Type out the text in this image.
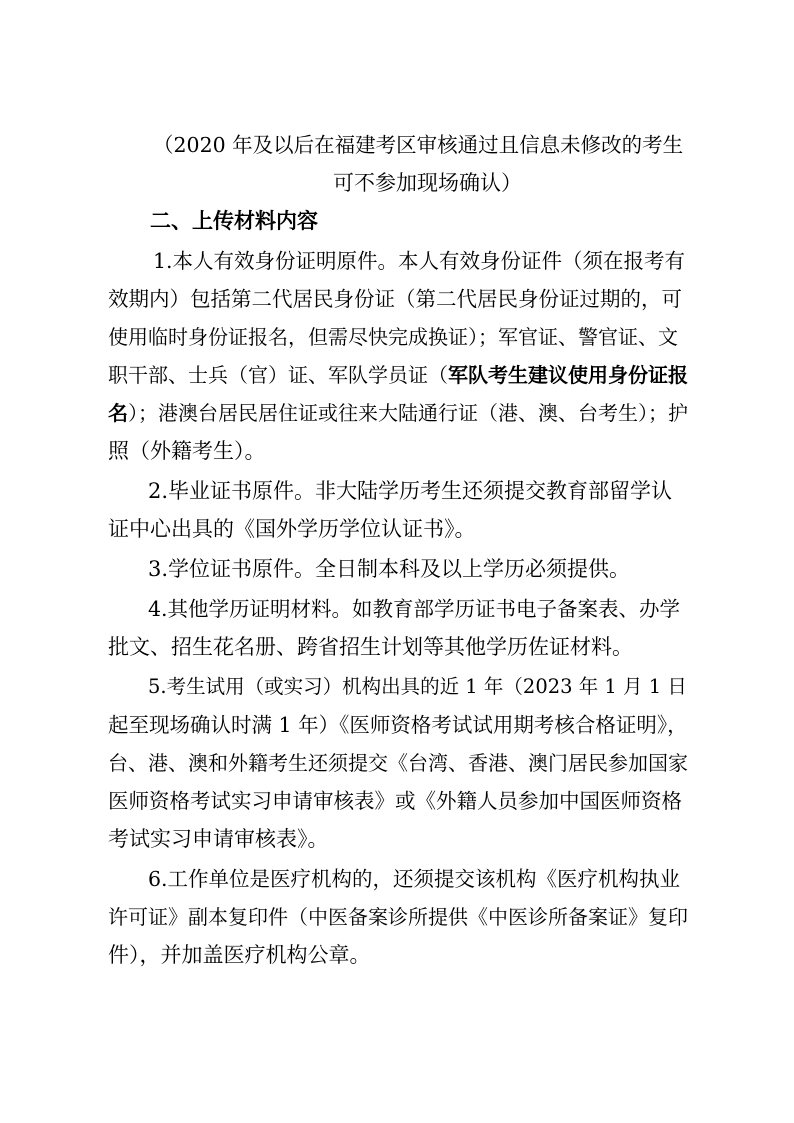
（2020 年及以后在福建考区审核通过且信息未修改的考生
可不参加现场确认）
二、上传材料内容
1.本人有效身份证明原件。本人有效身份证件（须在报考有
效期内）包括第二代居民身份证（第二代居民身份证过期的，可
使用临时身份证报名，但需尽快完成换证）；军官证、警官证、文
职干部、士兵（官）证、军队学员证（军队考生建议使用身份证报
名）；港澳台居民居住证或往来大陆通行证（港、澳、台考生）；护
照（外籍考生）。
2.毕业证书原件。非大陆学历考生还须提交教育部留学认
证中心出具的《国外学历学位认证书》。
3.学位证书原件。全日制本科及以上学历必须提供。
4.其他学历证明材料。如教育部学历证书电子备案表、办学
批文、招生花名册、跨省招生计划等其他学历佐证材料。
5.考生试用（或实习）机构出具的近 1 年（2023 年 1 月 1 日
起至现场确认时满 1 年）《医师资格考试试用期考核合格证明》，
台、港、澳和外籍考生还须提交《台湾、香港、澳门居民参加国家
医师资格考试实习申请审核表》或《外籍人员参加中国医师资格
考试实习申请审核表》。
6.工作单位是医疗机构的，还须提交该机构《医疗机构执业
许可证》副本复印件（中医备案诊所提供《中医诊所备案证》复印
件），并加盖医疗机构公章。
